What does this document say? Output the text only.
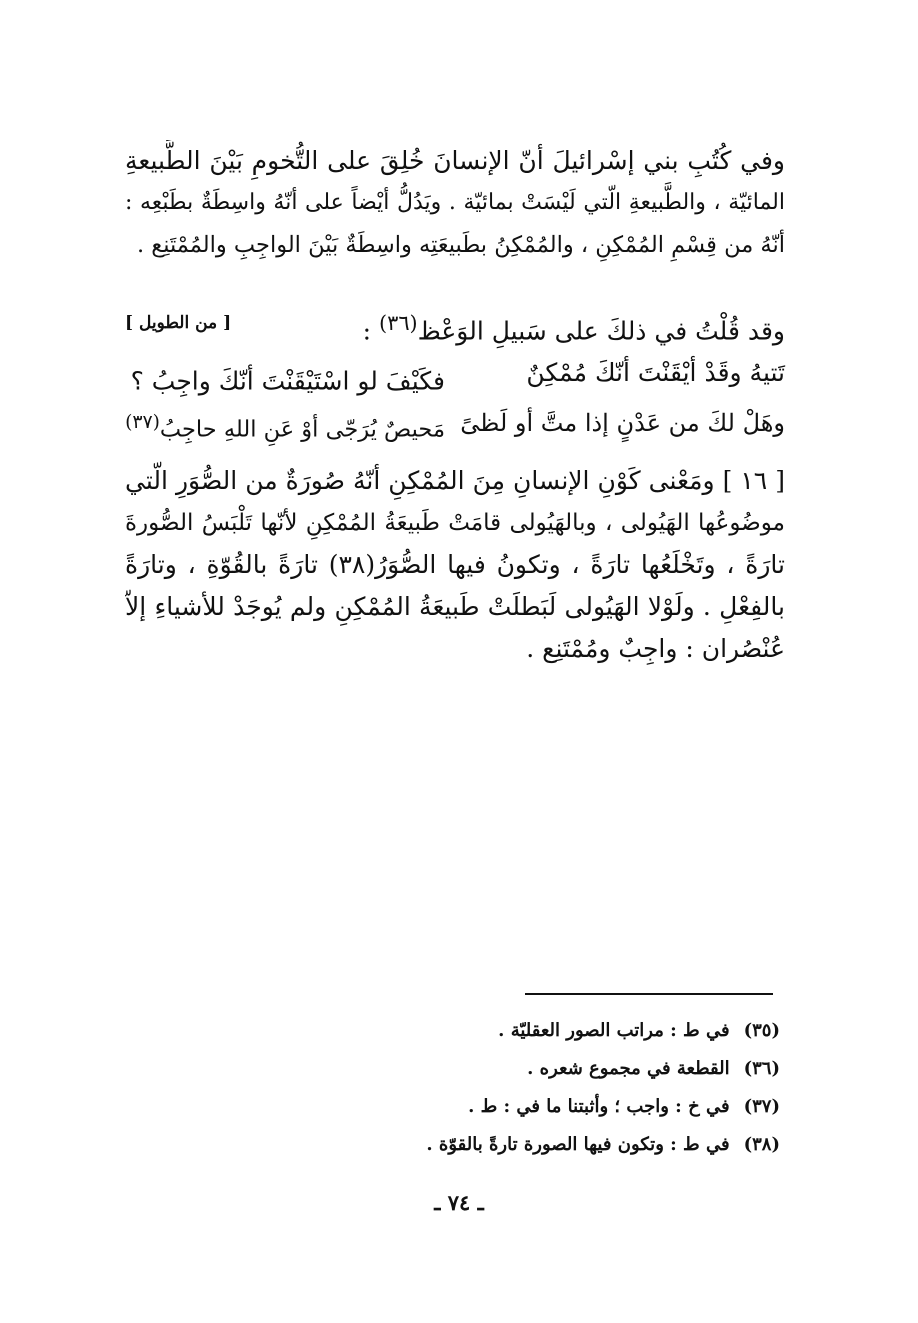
وفي كُتُبِ بني إسْرائيلَ أنّ الإنسانَ خُلِقَ على التُّخومِ بَيْنَ الطَّبيعةِ
المائيّة ، والطَّبيعةِ الّتي لَيْسَتْ بمائيّة . ويَدُلُّ أيْضاً على أنّهُ واسِطَةٌ بطَبْعِه :
أنّهُ من قِسْمِ المُمْكِنِ ، والمُمْكِنُ بطَبيعَتِه واسِطَةٌ بَيْنَ الواجِبِ والمُمْتَنِع .
وقد قُلْتُ في ذلكَ على سَبيلِ الوَعْظ$^{(٣٦)}$ :
[ من الطويل ]
تَتيهُ وقَدْ أيْقَنْتَ أنّكَ مُمْكِنٌ
فكَيْفَ لو اسْتَيْقَنْتَ أنّكَ واجِبُ ؟
وهَلْ لكَ من عَدْنٍ إذا متَّ أو لَظىً
مَحيصٌ يُرَجّى أوْ عَنِ اللهِ حاجِبُ$^{(٣٧)}$
[ ١٦ ] ومَعْنى كَوْنِ الإنسانِ مِنَ المُمْكِنِ أنّهُ صُورَةٌ من الصُّوَرِ الّتي
موضُوعُها الهَيُولى ، وبالهَيُولى قامَتْ طَبيعَةُ المُمْكِنِ لأنّها تَلْبَسُ الصُّورةَ
تارَةً ، وتَخْلَعُها تارَةً ، وتكونُ فيها الصُّوَرُ(٣٨) تارَةً بالقُوّةِ ، وتارَةً
بالفِعْلِ . ولَوْلا الهَيُولى لَبَطلَتْ طَبيعَةُ المُمْكِنِ ولم يُوجَدْ للأشياءِ إلاّ
عُنْصُران : واجِبٌ ومُمْتَنِع .
(٣٥)في ط : مراتب الصور العقليّة .
(٣٦)القطعة في مجموع شعره .
(٣٧)في خ : واجب ؛ وأثبتنا ما في : ط .
(٣٨)في ط : وتكون فيها الصورة تارةً بالقوّة .
ـ ٧٤ ـ
